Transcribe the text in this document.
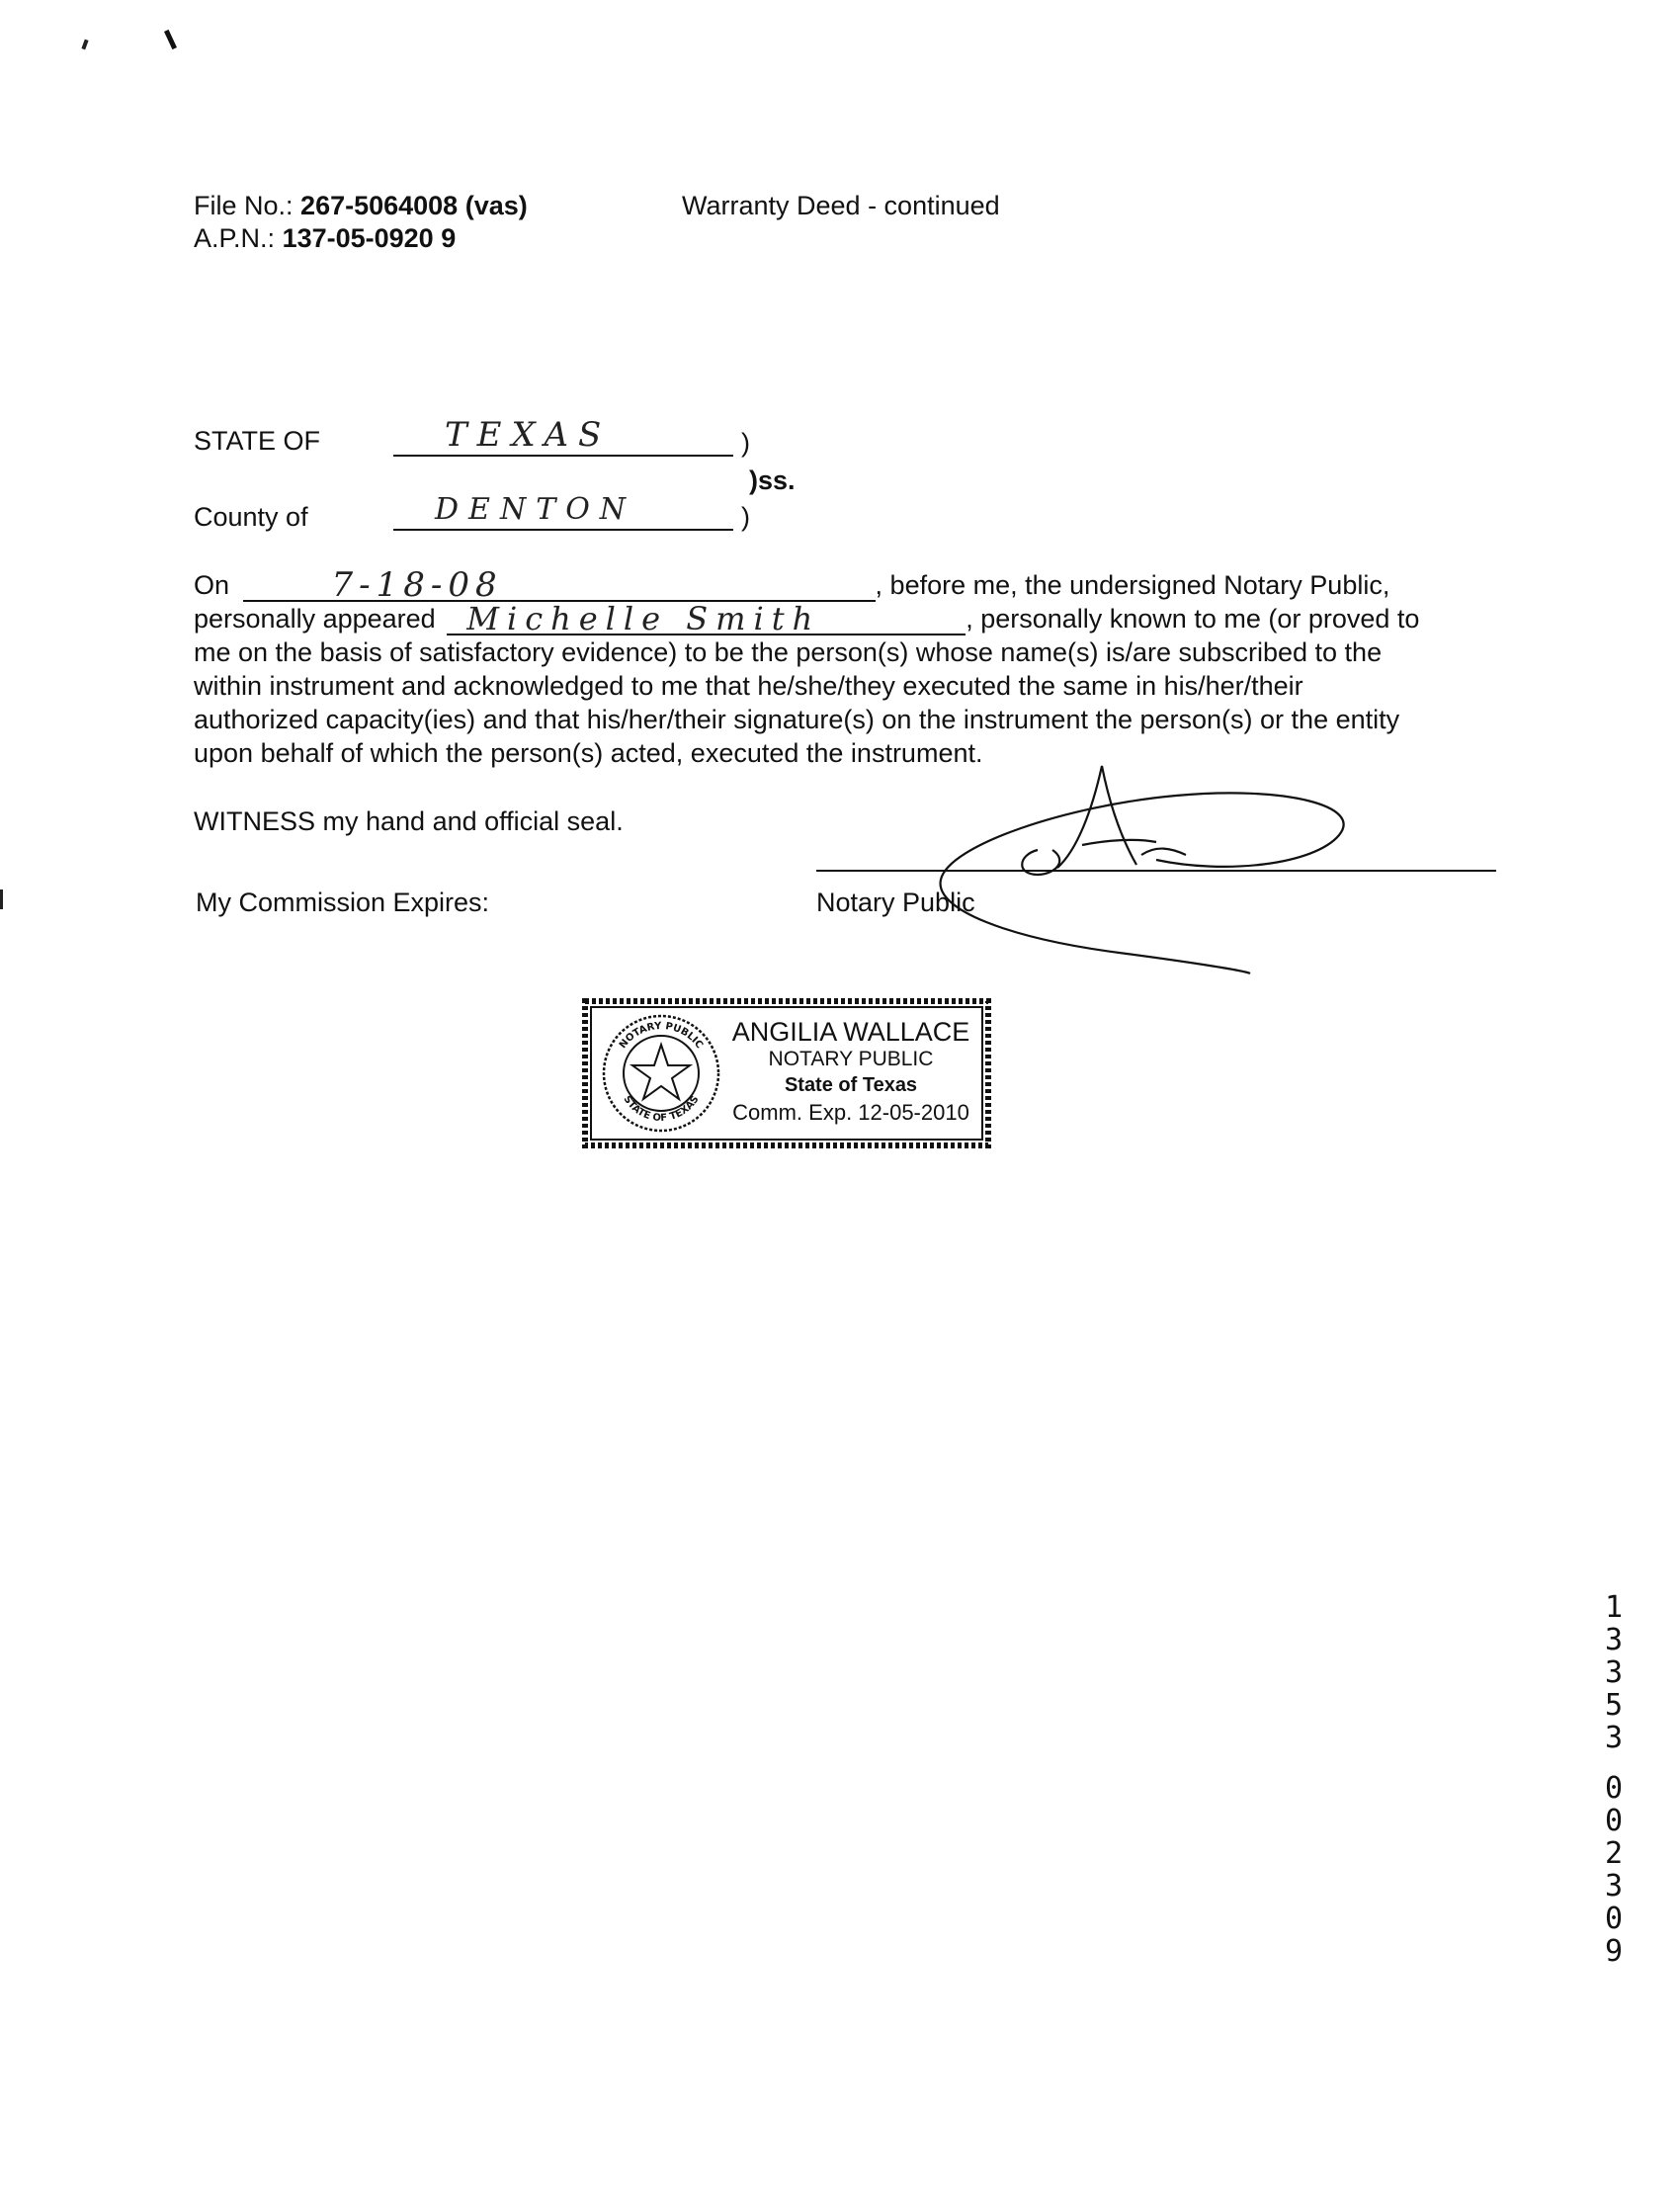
File No.: 267-5064008 (vas)
A.P.N.: 137-05-0920 9
Warranty Deed - continued
STATE OF	TEXAS	)
)ss.
County of	DENTON	)
On	7-18-08	, before me, the undersigned Notary Public,
personally appeared Michelle Smith	, personally known to me (or proved to
me on the basis of satisfactory evidence) to be the person(s) whose name(s) is/are subscribed to the
within instrument and acknowledged to me that he/she/they executed the same in his/her/their
authorized capacity(ies) and that his/her/their signature(s) on the instrument the person(s) or the entity
upon behalf of which the person(s) acted, executed the instrument.
WITNESS my hand and official seal.
My Commission Expires:	Notary Public
NOTARY PUBLIC
STATE OF TEXAS
ANGILIA WALLACE
NOTARY PUBLIC
State of Texas
Comm. Exp. 12-05-2010
1
3
3
5
3
0
0
2
3
0
9
